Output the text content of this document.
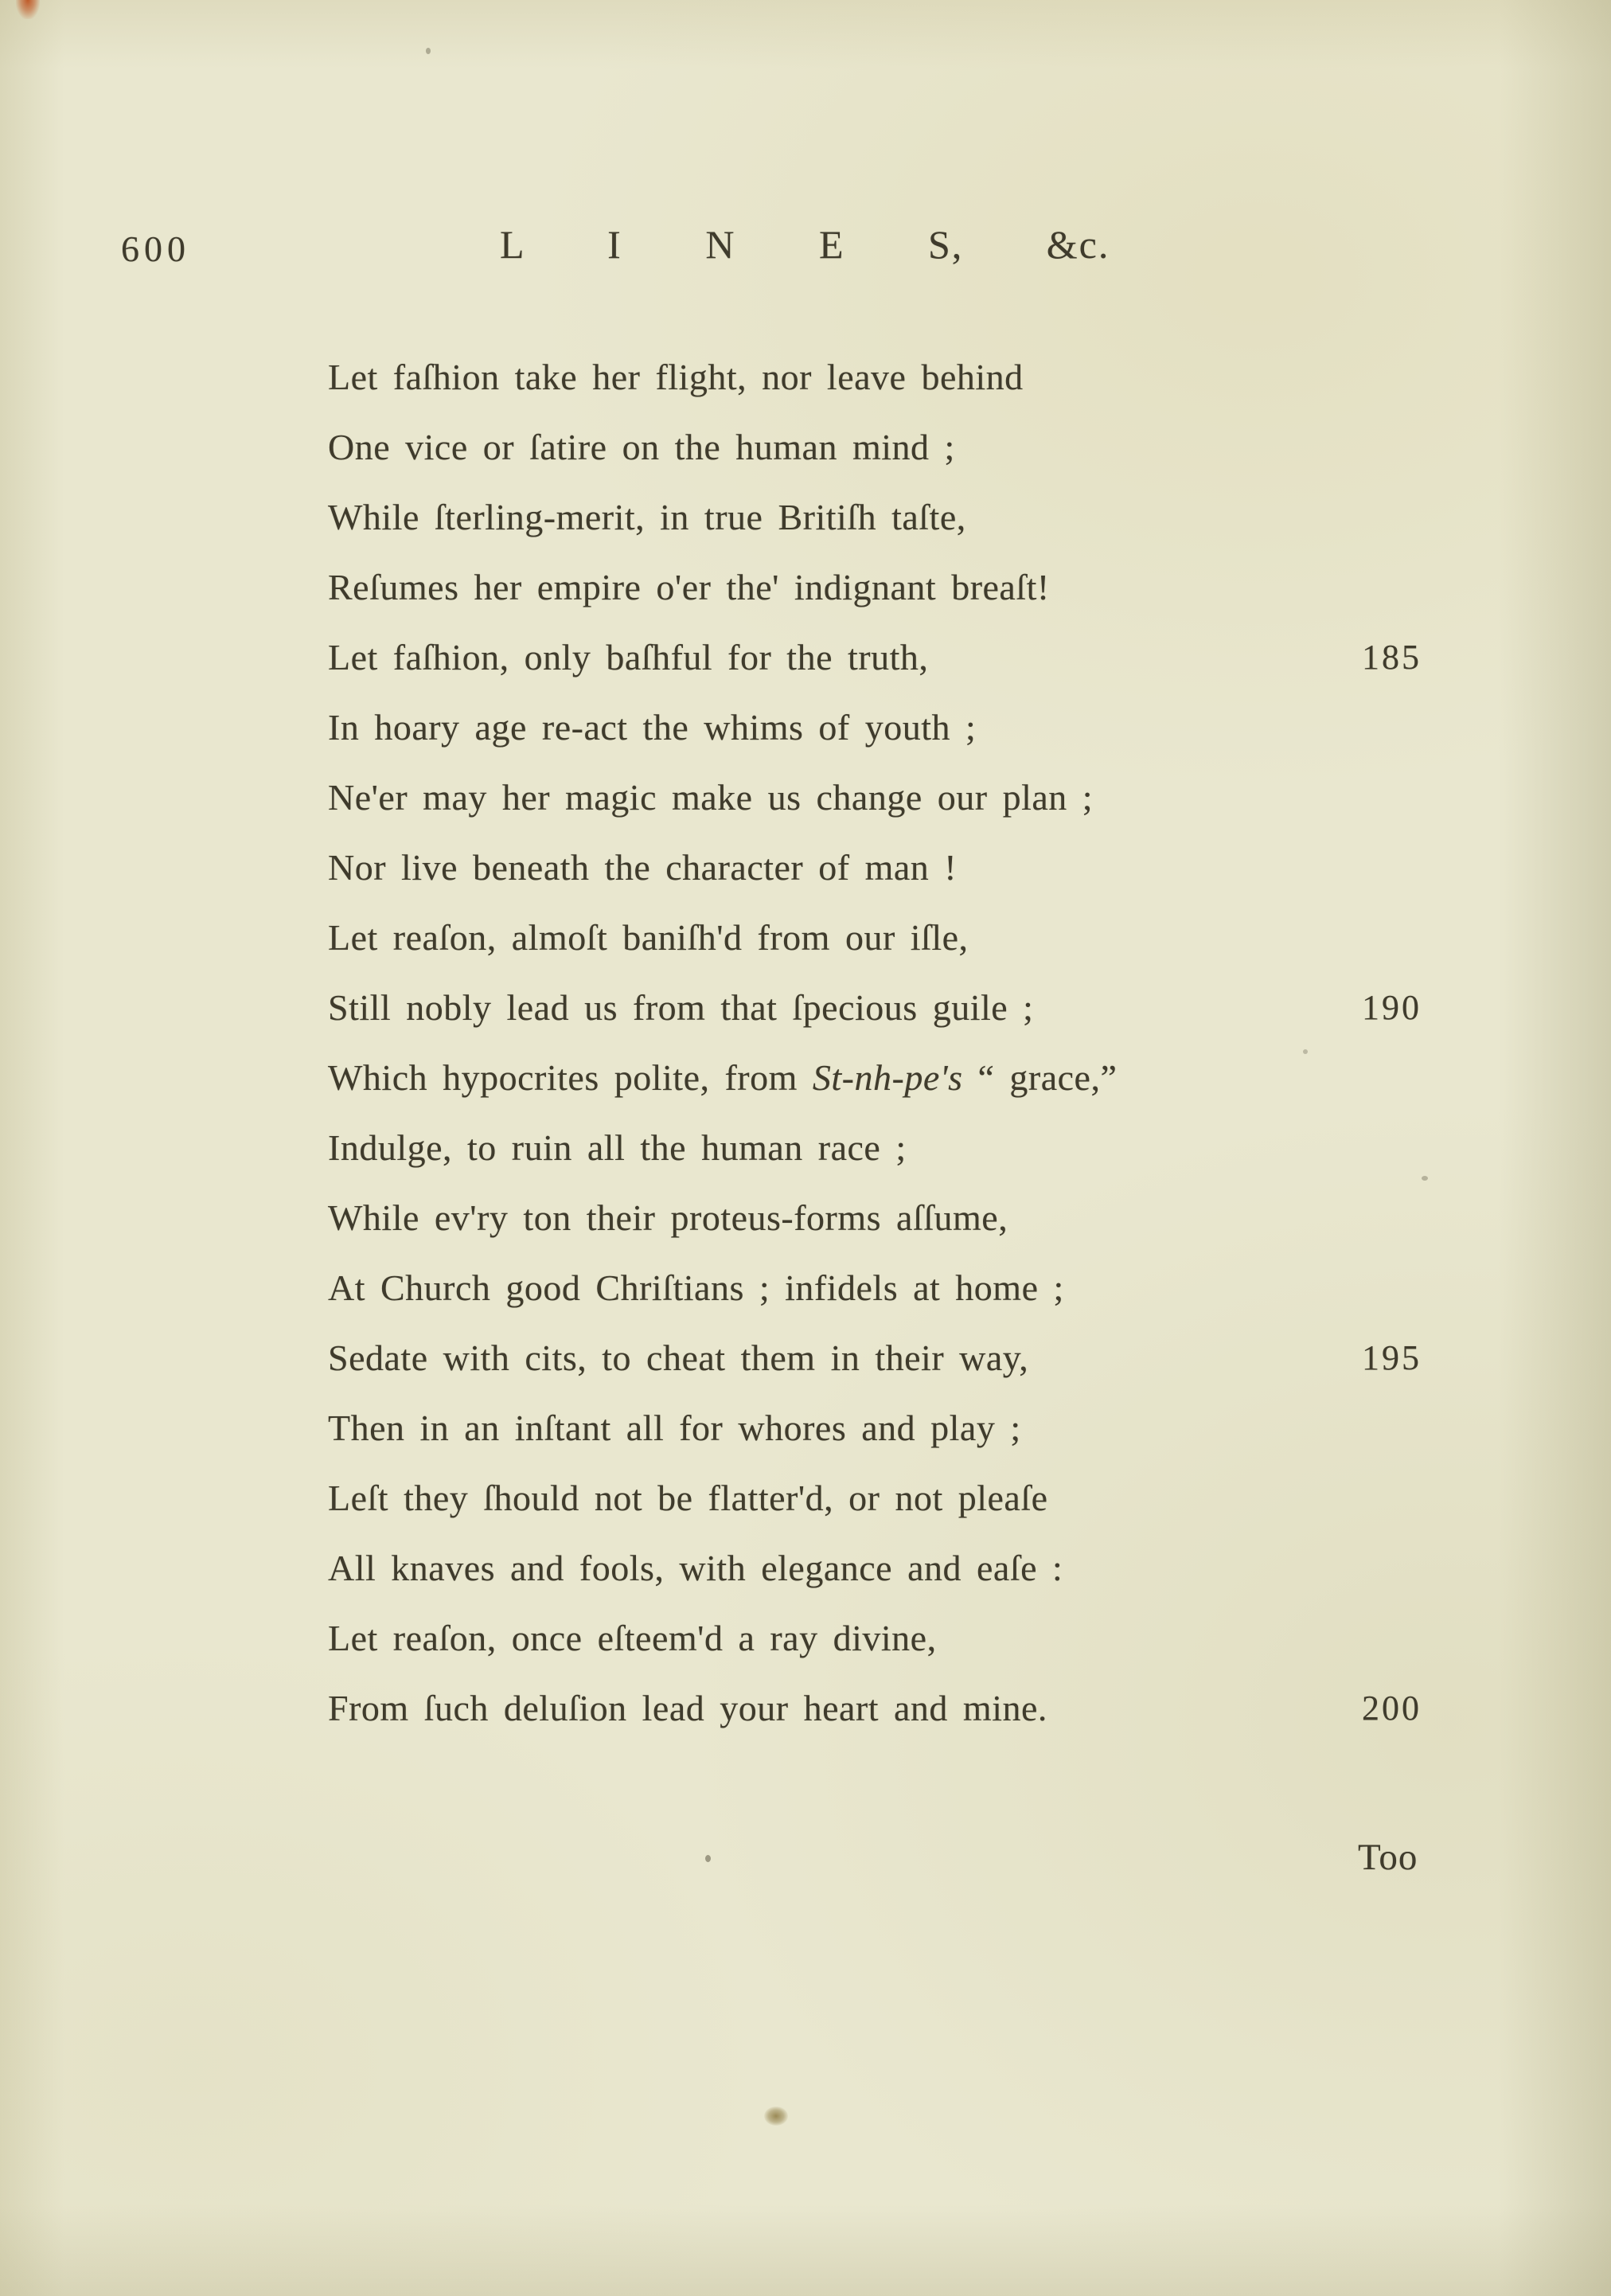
600	L I N E S, &c.
Let faſhion take her flight, nor leave behind
One vice or ſatire on the human mind ;
While ſterling-merit, in true Britiſh taſte,
Reſumes her empire o'er the' indignant breaſt!
Let faſhion, only baſhful for the truth,	185
In hoary age re-act the whims of youth ;
Ne'er may her magic make us change our plan ;
Nor live beneath the character of man !
Let reaſon, almoſt baniſh'd from our iſle,
Still nobly lead us from that ſpecious guile ;	190
Which hypocrites polite, from St-nh-pe's “ grace,”
Indulge, to ruin all the human race ;
While ev'ry ton their proteus-forms aſſume,
At Church good Chriſtians ; infidels at home ;
Sedate with cits, to cheat them in their way,	195
Then in an inſtant all for whores and play ;
Leſt they ſhould not be flatter'd, or not pleaſe
All knaves and fools, with elegance and eaſe :
Let reaſon, once eſteem'd a ray divine,
From ſuch deluſion lead your heart and mine.	200
Too
